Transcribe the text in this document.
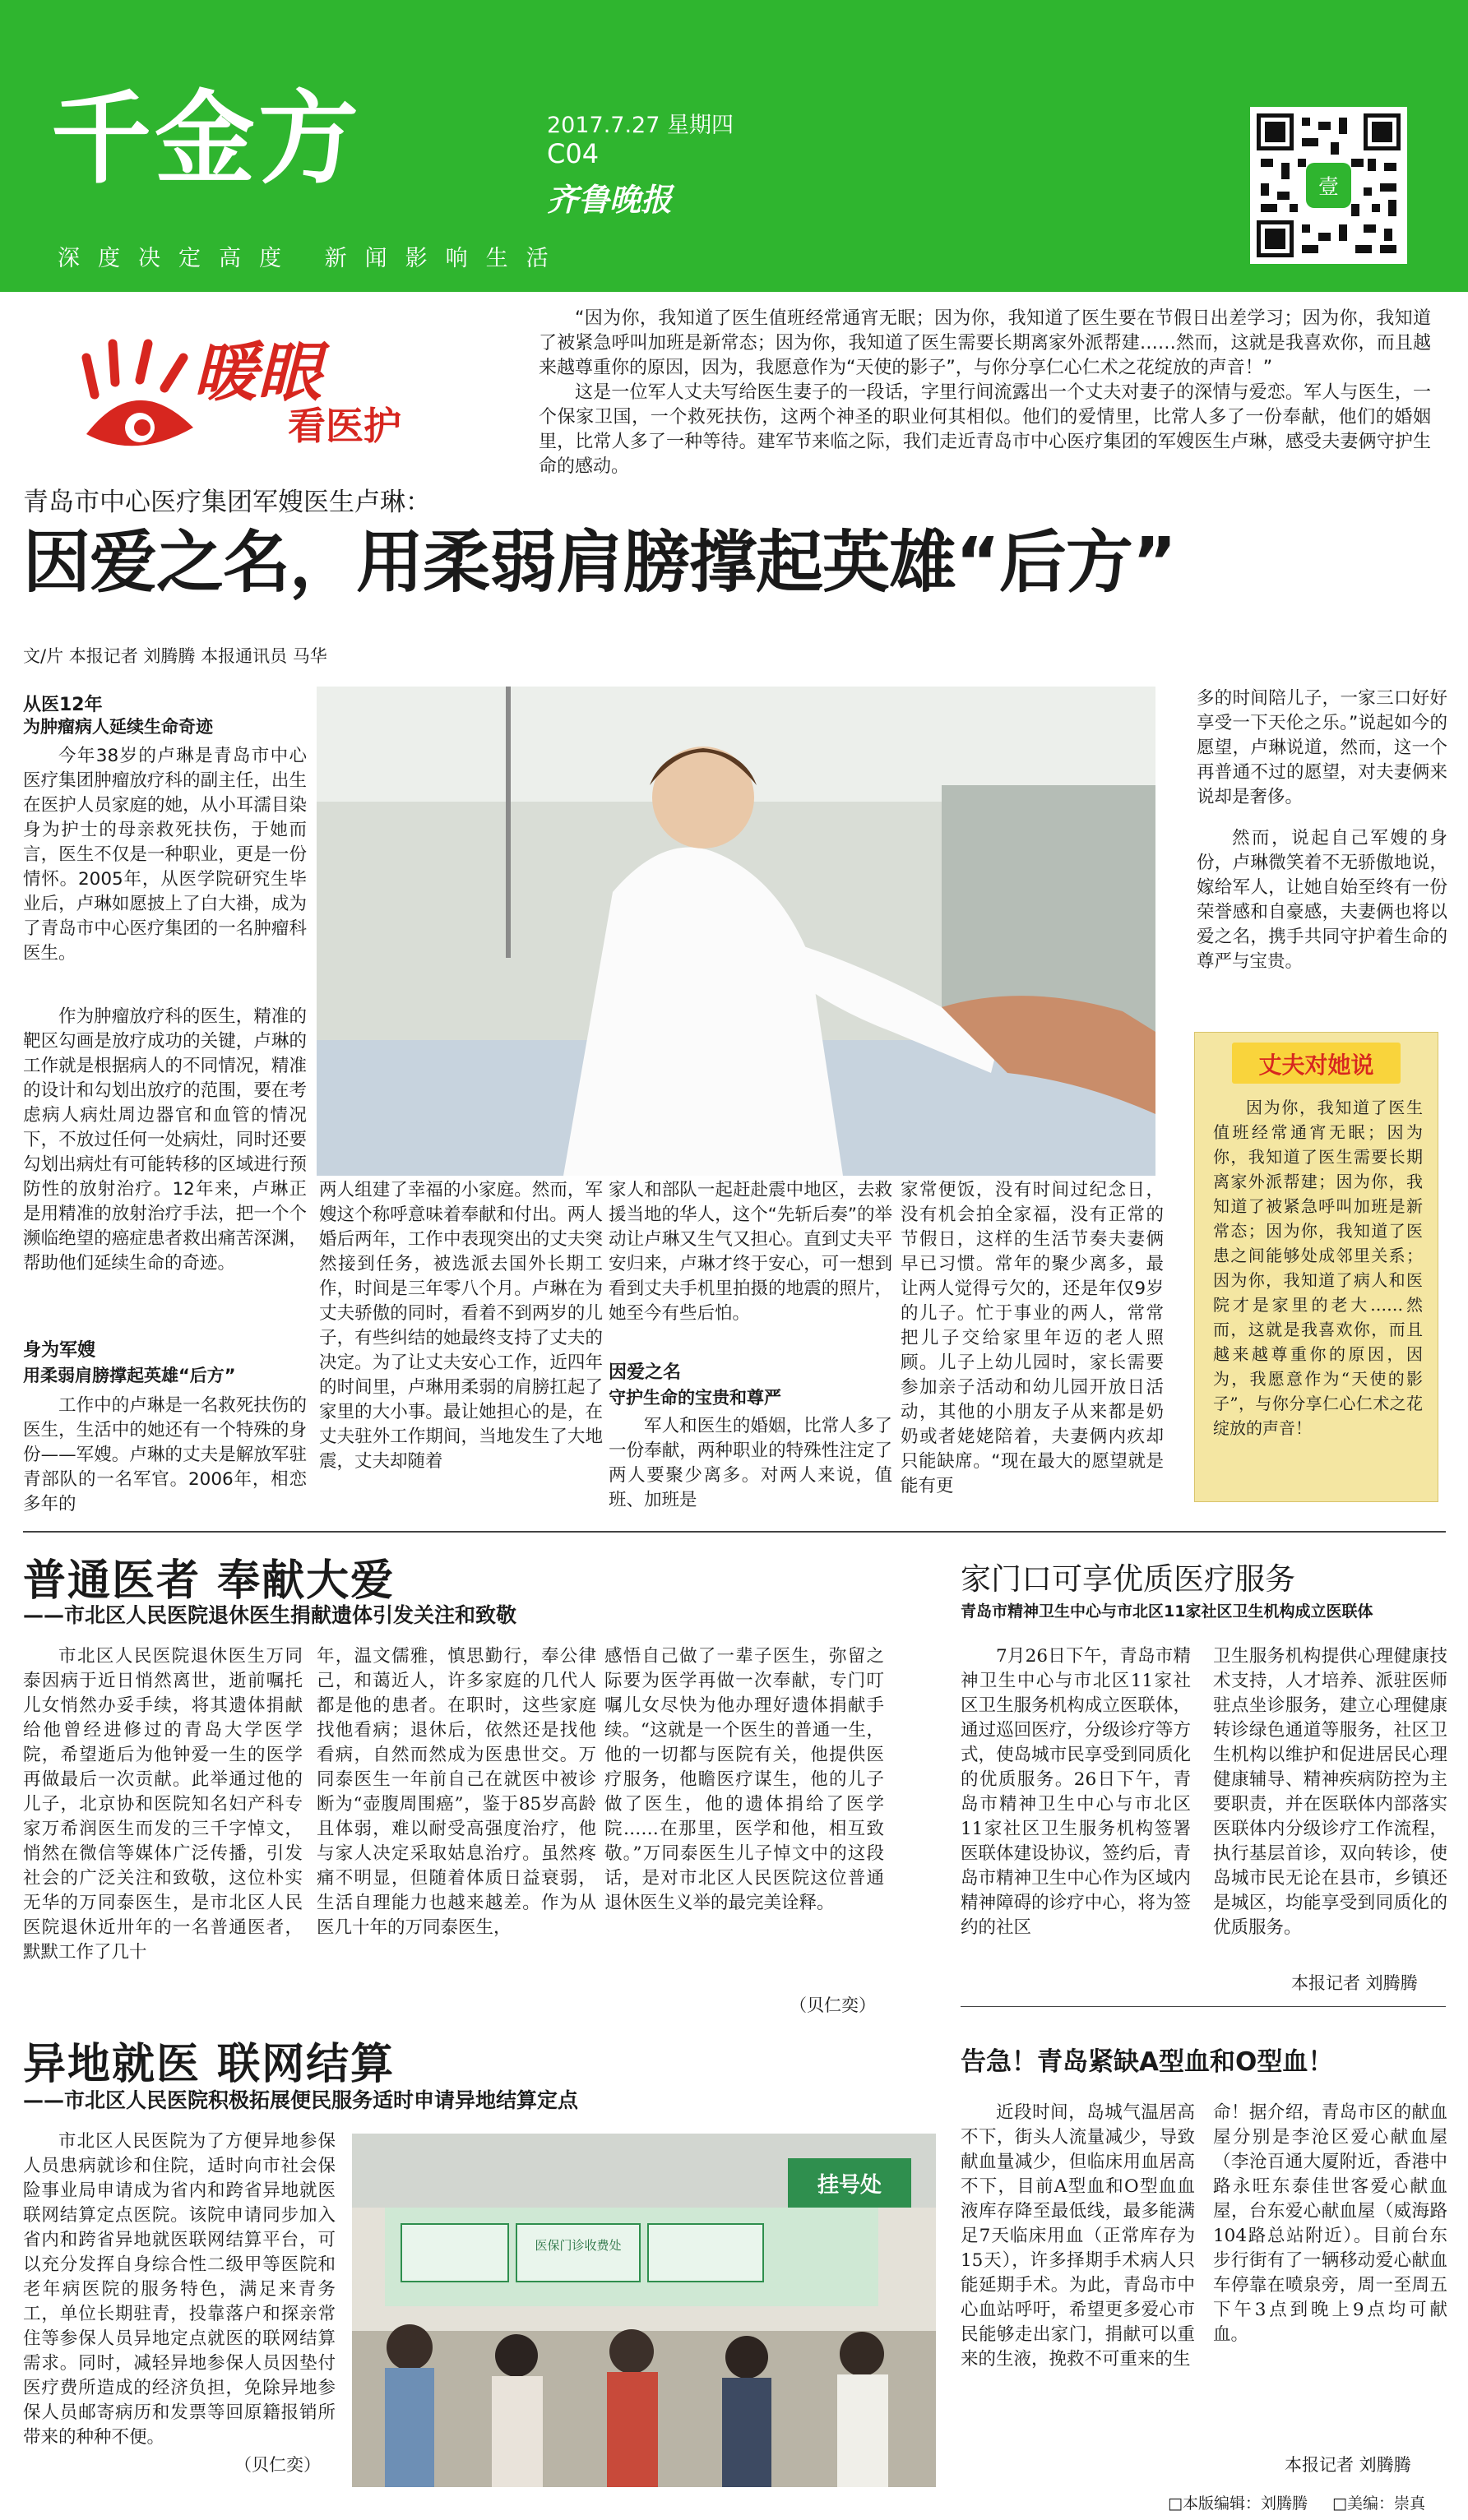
千金方	2017.7.27 星期四
C04
齐鲁晚报
深度决定高度 新闻影响生活
壹
暖眼
看医护
“因为你，我知道了医生值班经常通宵无眠；因为你，我知道了医生要在节假日出差学习；因为你，我知道了被紧急呼叫加班是新常态；因为你，我知道了医生需要长期离家外派帮建……然而，这就是我喜欢你，而且越来越尊重你的原因，因为，我愿意作为“天使的影子”，与你分享仁心仁术之花绽放的声音！”
这是一位军人丈夫写给医生妻子的一段话，字里行间流露出一个丈夫对妻子的深情与爱恋。军人与医生，一个保家卫国，一个救死扶伤，这两个神圣的职业何其相似。他们的爱情里，比常人多了一份奉献，他们的婚姻里，比常人多了一种等待。建军节来临之际，我们走近青岛市中心医疗集团的军嫂医生卢琳，感受夫妻俩守护生命的感动。
青岛市中心医疗集团军嫂医生卢琳：
因爱之名，用柔弱肩膀撑起英雄“后方”
文/片 本报记者 刘腾腾 本报通讯员 马华
从医12年
为肿瘤病人延续生命奇迹
今年38岁的卢琳是青岛市中心医疗集团肿瘤放疗科的副主任，出生在医护人员家庭的她，从小耳濡目染身为护士的母亲救死扶伤，于她而言，医生不仅是一种职业，更是一份情怀。2005年，从医学院研究生毕业后，卢琳如愿披上了白大褂，成为了青岛市中心医疗集团的一名肿瘤科医生。
作为肿瘤放疗科的医生，精准的靶区勾画是放疗成功的关键，卢琳的工作就是根据病人的不同情况，精准的设计和勾划出放疗的范围，要在考虑病人病灶周边器官和血管的情况下，不放过任何一处病灶，同时还要勾划出病灶有可能转移的区域进行预防性的放射治疗。12年来，卢琳正是用精准的放射治疗手法，把一个个濒临绝望的癌症患者救出痛苦深渊，帮助他们延续生命的奇迹。
身为军嫂
用柔弱肩膀撑起英雄“后方”
工作中的卢琳是一名救死扶伤的医生，生活中的她还有一个特殊的身份——军嫂。卢琳的丈夫是解放军驻青部队的一名军官。2006年，相恋多年的
两人组建了幸福的小家庭。然而，军嫂这个称呼意味着奉献和付出。两人婚后两年，工作中表现突出的丈夫突然接到任务，被选派去国外长期工作，时间是三年零八个月。卢琳在为丈夫骄傲的同时，看着不到两岁的儿子，有些纠结的她最终支持了丈夫的决定。为了让丈夫安心工作，近四年的时间里，卢琳用柔弱的肩膀扛起了家里的大小事。最让她担心的是，在丈夫驻外工作期间，当地发生了大地震，丈夫却随着
家人和部队一起赶赴震中地区，去救援当地的华人，这个“先斩后奏”的举动让卢琳又生气又担心。直到丈夫平安归来，卢琳才终于安心，可一想到看到丈夫手机里拍摄的地震的照片，她至今有些后怕。
因爱之名
守护生命的宝贵和尊严
军人和医生的婚姻，比常人多了一份奉献，两种职业的特殊性注定了两人要聚少离多。对两人来说，值班、加班是
家常便饭，没有时间过纪念日，没有机会拍全家福，没有正常的节假日，这样的生活节奏夫妻俩早已习惯。常年的聚少离多，最让两人觉得亏欠的，还是年仅9岁的儿子。忙于事业的两人，常常把儿子交给家里年迈的老人照顾。儿子上幼儿园时，家长需要参加亲子活动和幼儿园开放日活动，其他的小朋友子从来都是奶奶或者姥姥陪着，夫妻俩内疚却只能缺席。“现在最大的愿望就是能有更
多的时间陪儿子，一家三口好好享受一下天伦之乐。”说起如今的愿望，卢琳说道，然而，这一个再普通不过的愿望，对夫妻俩来说却是奢侈。
然而，说起自己军嫂的身份，卢琳微笑着不无骄傲地说，嫁给军人，让她自始至终有一份荣誉感和自豪感，夫妻俩也将以爱之名，携手共同守护着生命的尊严与宝贵。
丈夫对她说
因为你，我知道了医生值班经常通宵无眠；因为你，我知道了医生需要长期离家外派帮建；因为你，我知道了被紧急呼叫加班是新常态；因为你，我知道了医患之间能够处成邻里关系；因为你，我知道了病人和医院才是家里的老大……然而，这就是我喜欢你，而且越来越尊重你的原因，因为，我愿意作为“天使的影子”，与你分享仁心仁术之花绽放的声音！
普通医者 奉献大爱
——市北区人民医院退休医生捐献遗体引发关注和致敬
市北区人民医院退休医生万同泰因病于近日悄然离世，逝前嘱托儿女悄然办妥手续，将其遗体捐献给他曾经进修过的青岛大学医学院，希望逝后为他钟爱一生的医学再做最后一次贡献。此举通过他的儿子，北京协和医院知名妇产科专家万希润医生而发的三千字悼文，悄然在微信等媒体广泛传播，引发社会的广泛关注和致敬，这位朴实无华的万同泰医生，是市北区人民医院退休近卅年的一名普通医者，默默工作了几十
年，温文儒雅，慎思勤行，奉公律己，和蔼近人，许多家庭的几代人都是他的患者。在职时，这些家庭找他看病；退休后，依然还是找他看病，自然而然成为医患世交。万同泰医生一年前自己在就医中被诊断为“壶腹周围癌”，鉴于85岁高龄且体弱，难以耐受高强度治疗，他与家人决定采取姑息治疗。虽然疼痛不明显，但随着体质日益衰弱，生活自理能力也越来越差。作为从医几十年的万同泰医生，
感悟自己做了一辈子医生，弥留之际要为医学再做一次奉献，专门叮嘱儿女尽快为他办理好遗体捐献手续。“这就是一个医生的普通一生，他的一切都与医院有关，他提供医疗服务，他瞻医疗谋生，他的儿子做了医生，他的遗体捐给了医学院……在那里，医学和他，相互致敬。”万同泰医生儿子悼文中的这段话，是对市北区人民医院这位普通退休医生义举的最完美诠释。
（贝仁奕）
家门口可享优质医疗服务
青岛市精神卫生中心与市北区11家社区卫生机构成立医联体
7月26日下午，青岛市精神卫生中心与市北区11家社区卫生服务机构成立医联体，通过巡回医疗，分级诊疗等方式，使岛城市民享受到同质化的优质服务。26日下午，青岛市精神卫生中心与市北区11家社区卫生服务机构签署医联体建设协议，签约后，青岛市精神卫生中心作为区域内精神障碍的诊疗中心，将为签约的社区
卫生服务机构提供心理健康技术支持，人才培养、派驻医师驻点坐诊服务，建立心理健康转诊绿色通道等服务，社区卫生机构以维护和促进居民心理健康辅导、精神疾病防控为主要职责，并在医联体内部落实医联体内分级诊疗工作流程，执行基层首诊，双向转诊，使岛城市民无论在县市，乡镇还是城区，均能享受到同质化的优质服务。
本报记者 刘腾腾
异地就医 联网结算
——市北区人民医院积极拓展便民服务适时申请异地结算定点
市北区人民医院为了方便异地参保人员患病就诊和住院，适时向市社会保险事业局申请成为省内和跨省异地就医联网结算定点医院。该院申请同步加入省内和跨省异地就医联网结算平台，可以充分发挥自身综合性二级甲等医院和老年病医院的服务特色，满足来青务工，单位长期驻青，投靠落户和探亲常住等参保人员异地定点就医的联网结算需求。同时，减轻异地参保人员因垫付医疗费所造成的经济负担，免除异地参保人员邮寄病历和发票等回原籍报销所带来的种种不便。
（贝仁奕）
挂号处
医保门诊收费处
告急！青岛紧缺A型血和O型血！
近段时间，岛城气温居高不下，街头人流量减少，导致献血量减少，但临床用血居高不下，目前A型血和O型血血液库存降至最低线，最多能满足7天临床用血（正常库存为15天），许多择期手术病人只能延期手术。为此，青岛市中心血站呼吁，希望更多爱心市民能够走出家门，捐献可以重来的生液，挽救不可重来的生
命！据介绍，青岛市区的献血屋分别是李沧区爱心献血屋（李沧百通大厦附近，香港中路永旺东泰佳世客爱心献血屋，台东爱心献血屋（威海路104路总站附近）。目前台东步行街有了一辆移动爱心献血车停靠在喷泉旁，周一至周五下午3点到晚上9点均可献血。
本报记者 刘腾腾
□本版编辑：刘腾腾 □美编：崇真
